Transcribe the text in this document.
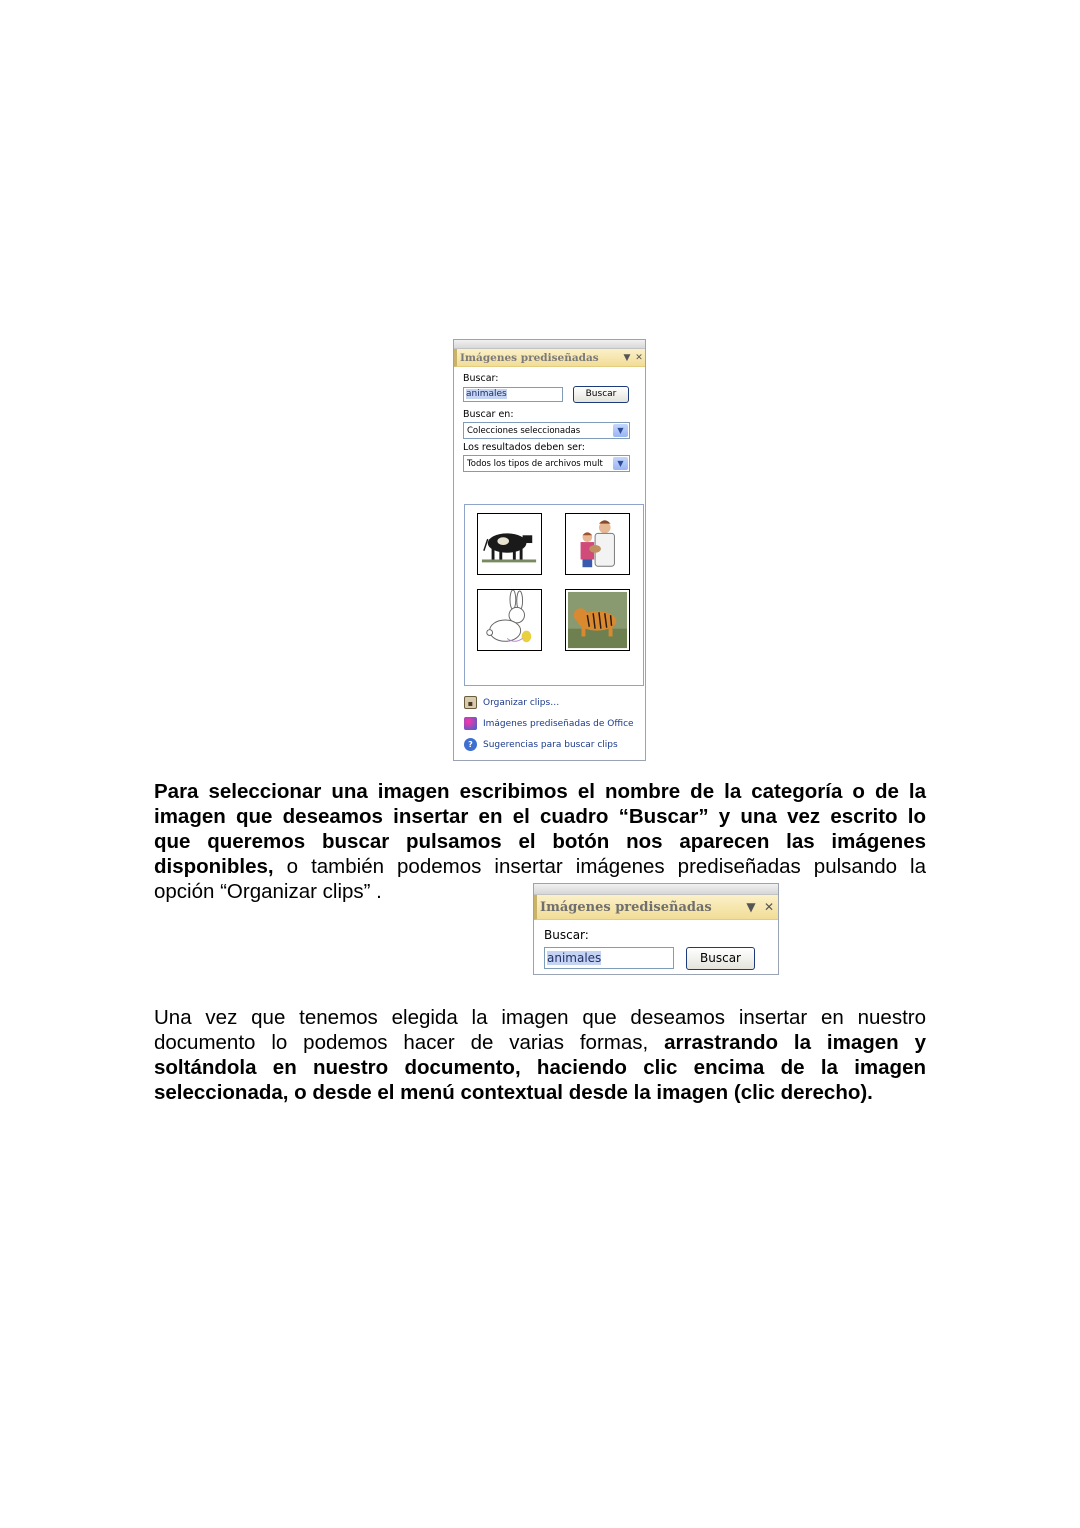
Imágenes prediseñadas	▼ ✕
Buscar:
animales	Buscar
Buscar en:
Colecciones seleccionadas	▼
Los resultados deben ser:
Todos los tipos de archivos mult	▼
▪	Organizar clips…
Imágenes prediseñadas de Office
?	Sugerencias para buscar clips
Para seleccionar una imagen escribimos el nombre de la categoría o de la
imagen que deseamos insertar en el cuadro “Buscar” y una vez escrito lo
que queremos buscar pulsamos el botón nos aparecen las imágenes
disponibles, o también podemos insertar imágenes prediseñadas pulsando la
opción “Organizar clips” .
Imágenes prediseñadas	▼ ✕
Buscar:
animales	Buscar
Una vez que tenemos elegida la imagen que deseamos insertar en nuestro
documento lo podemos hacer de varias formas, arrastrando la imagen y
soltándola en nuestro documento, haciendo clic encima de la imagen
seleccionada, o desde el menú contextual desde la imagen (clic derecho).
